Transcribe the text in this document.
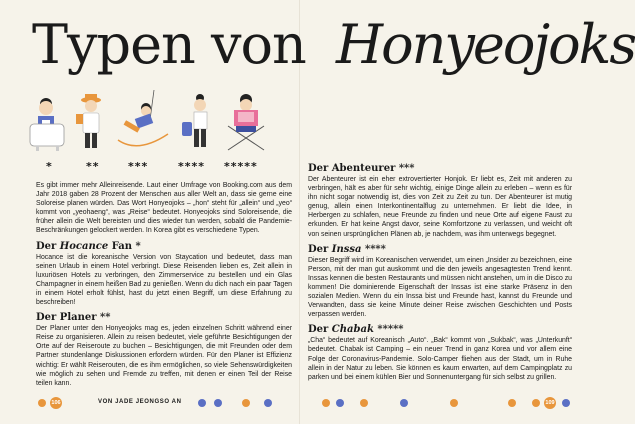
Typen von Honyeojoks
*	**	***	**** *****

Es gibt immer mehr Alleinreisende. Laut einer Umfrage von Booking.com aus dem Jahr 2018 gaben 28 Prozent der Menschen aus aller Welt an, dass sie gerne eine Soloreise planen würden. Das Wort Honyeojoks – „hon“ steht für „allein“ und „yeo“ kommt von „yeohaeng“, was „Reise“ bedeutet. Honyeojoks sind Soloreisende, die früher allein die Welt bereisten und dies wieder tun werden, sobald die Pandemie-Beschränkungen gelockert werden. In Korea gibt es verschiedene Typen.

Der Hocance Fan *

Hocance ist die koreanische Version von Staycation und bedeutet, dass man seinen Urlaub in einem Hotel verbringt. Diese Reisenden lieben es, Zeit allein in luxuriösen Hotels zu verbringen, den Zimmerservice zu bestellen und ein Glas Champagner in einem heißen Bad zu genießen. Wenn du dich nach ein paar Tagen in einem Hotel erholt fühlst, hast du jetzt einen Begriff, um diese Erfahrung zu beschreiben!

Der Planer **

Der Planer unter den Honyeojoks mag es, jeden einzelnen Schritt während einer Reise zu organisieren. Allein zu reisen bedeutet, viele geführte Besichtigungen der Orte auf der Reiseroute zu buchen – Besichtigungen, die mit Freunden oder dem Partner stundenlange Diskussionen erfordern würden. Für den Planer ist Effizienz wichtig: Er wählt Reiserouten, die es ihm ermöglichen, so viele Sehenswürdigkeiten wie möglich zu sehen und Fremde zu treffen, mit denen er einen Teil der Reise teilen kann.

Der Abenteurer ***

Der Abenteurer ist ein eher extrovertierter Honjok. Er liebt es, Zeit mit anderen zu verbringen, hält es aber für sehr wichtig, einige Dinge allein zu erleben – wenn es für ihn nicht sogar notwendig ist, dies von Zeit zu Zeit zu tun. Der Abenteurer ist mutig genug, allein einen Interkontinentalflug zu unternehmen. Er liebt die Idee, in Herbergen zu schlafen, neue Freunde zu finden und neue Orte auf eigene Faust zu erkunden. Er hat keine Angst davor, seine Komfortzone zu verlassen, und weicht oft von seinen ursprünglichen Plänen ab, je nachdem, was ihm unterwegs begegnet.

Der Inssa ****

Dieser Begriff wird im Koreanischen verwendet, um einen „Insider zu bezeichnen, eine Person, mit der man gut auskommt und die den jeweils angesagtesten Trend kennt. Inssas kennen die besten Restaurants und müssen nicht anstehen, um in die Disco zu kommen! Die dominierende Eigenschaft der Inssas ist eine starke Präsenz in den sozialen Medien. Wenn du ein Inssa bist und Freunde hast, kannst du Freunde und Verwandten, dass sie keine Minute deiner Reise zwischen Geschichten und Posts verpassen werden.

Der Chabak *****

„Cha“ bedeutet auf Koreanisch „Auto“. „Bak“ kommt von „Sukbak“, was „Unterkunft“ bedeutet. Chabak ist Camping – ein neuer Trend in ganz Korea und vor allem eine Folge der Coronavirus-Pandemie. Solo-Camper fliehen aus der Stadt, um in Ruhe allein in der Natur zu leben. Sie können es kaum erwarten, auf dem Campingplatz zu parken und bei einem kühlen Bier und Sonnenuntergang für sich selbst zu grillen.

106	VON JADE JEONGSO AN	109
